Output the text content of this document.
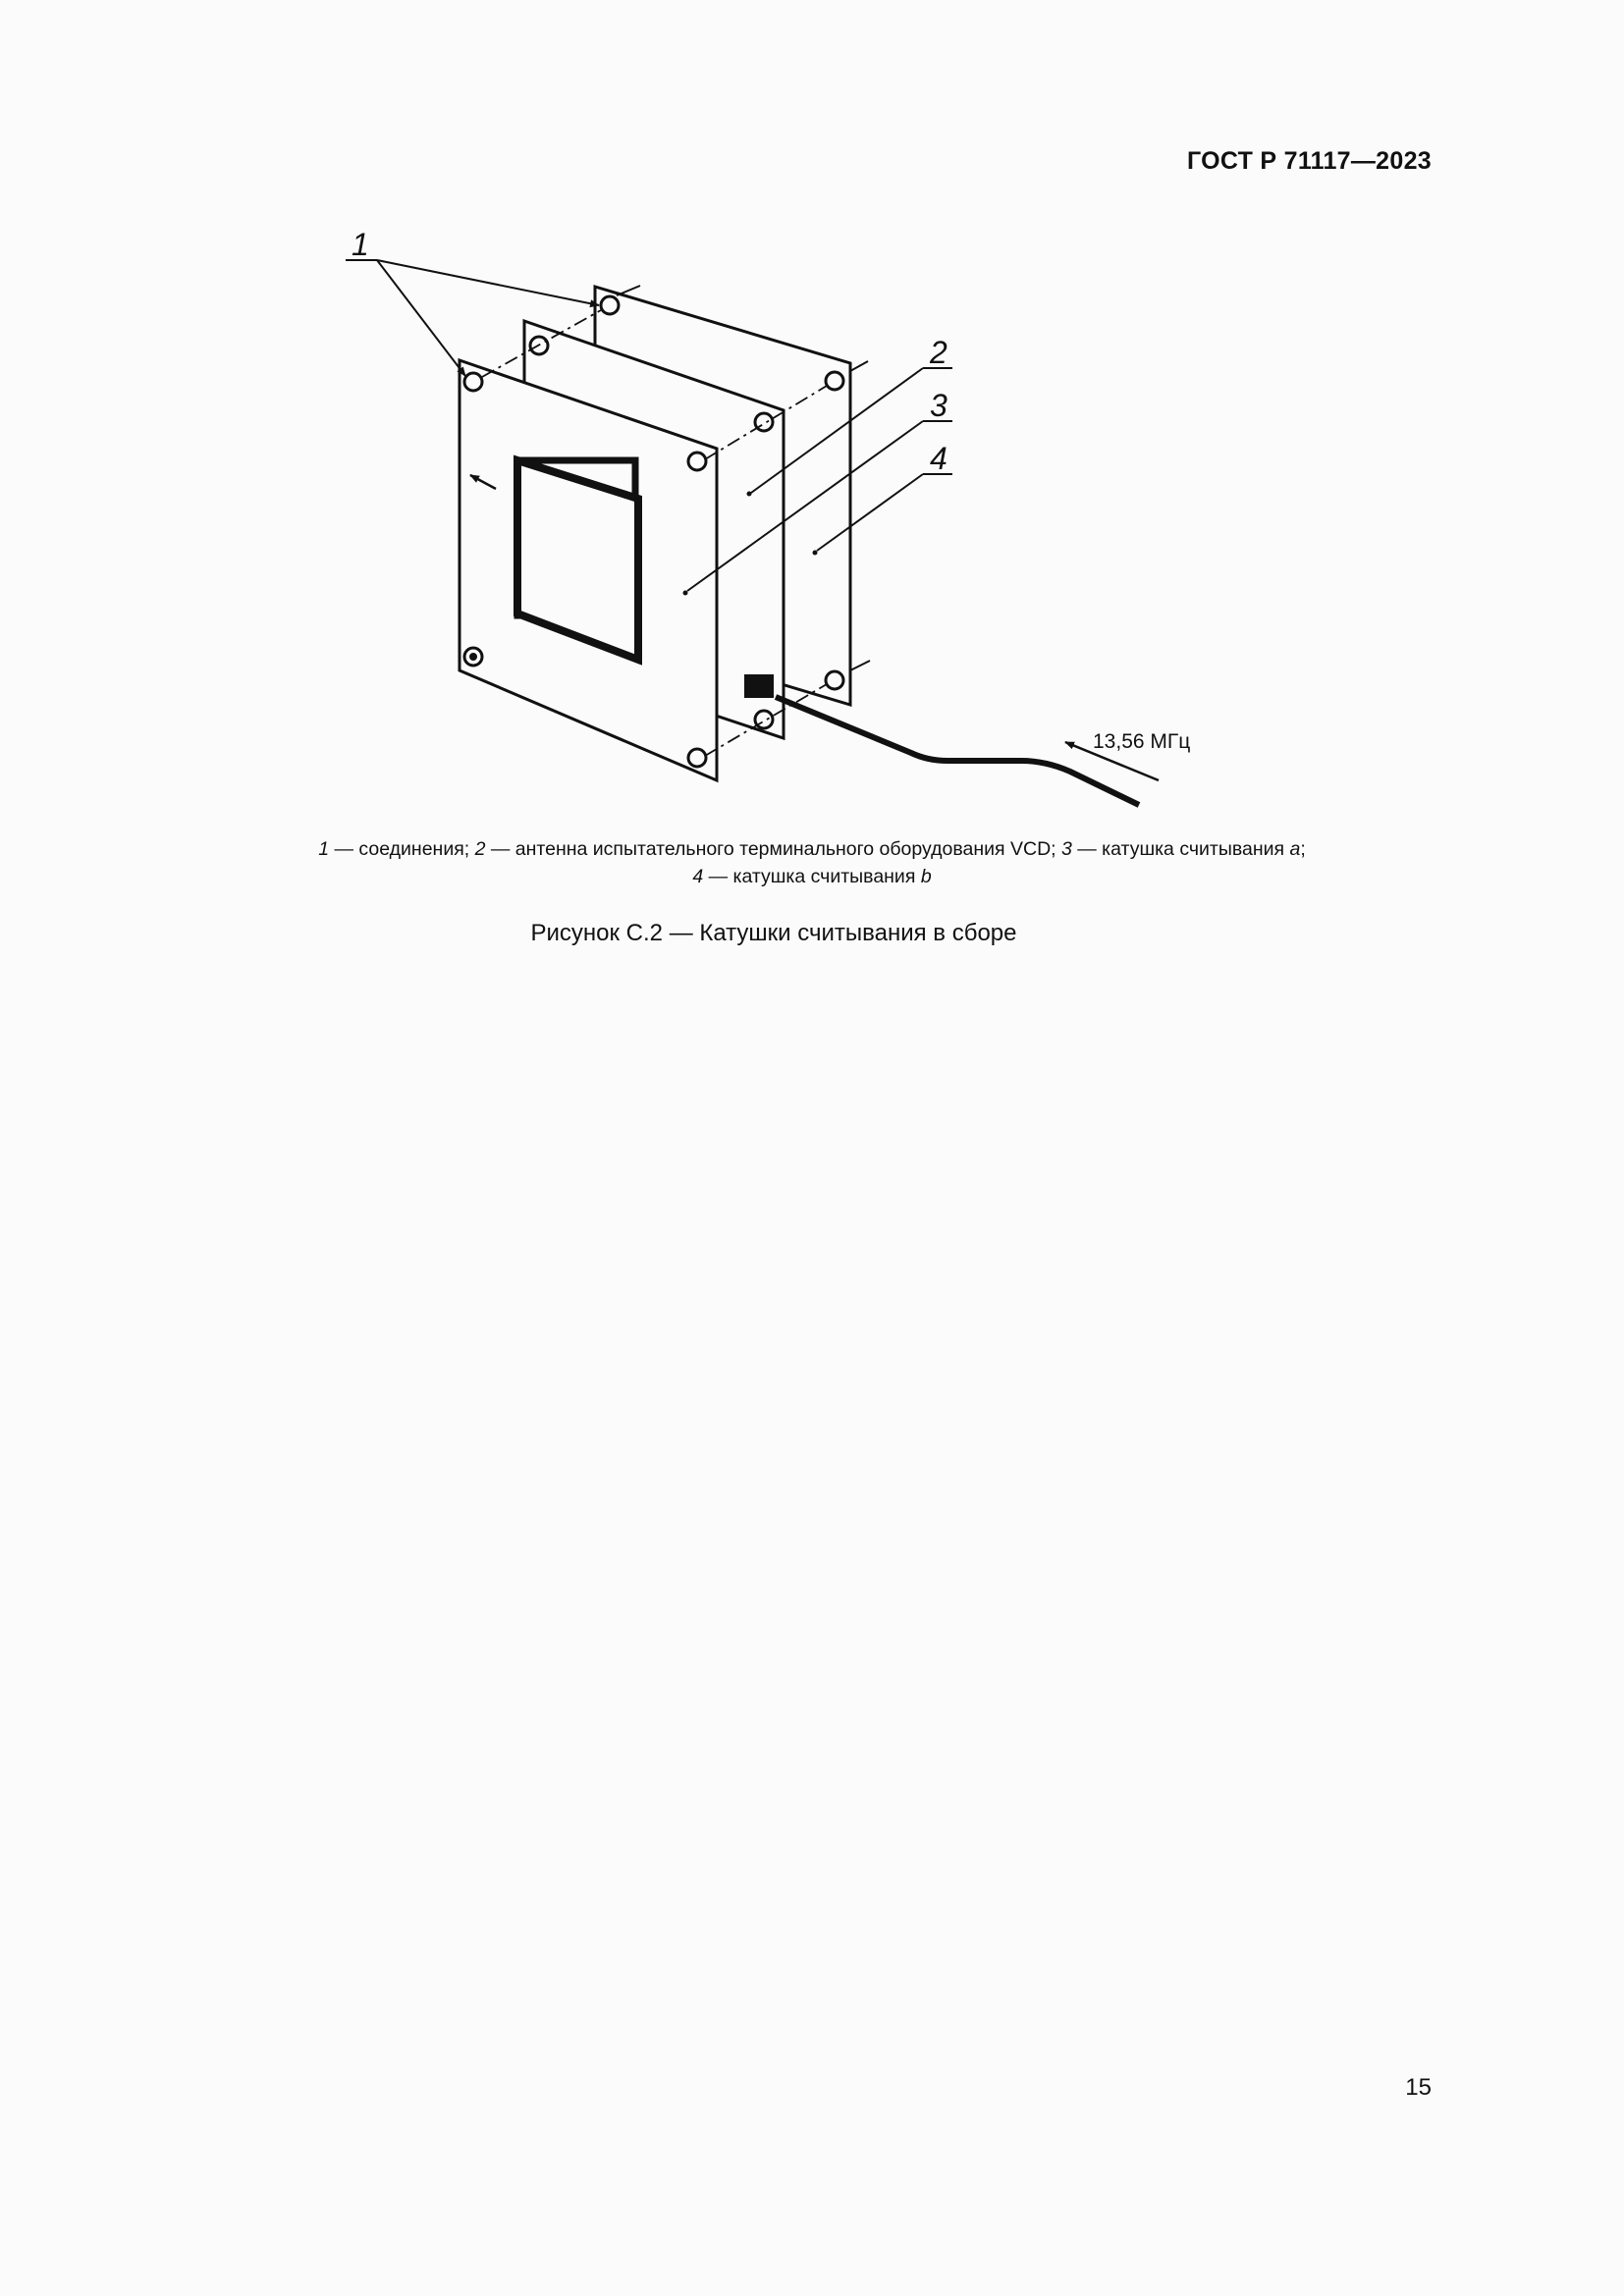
ГОСТ Р 71117—2023
13,56 МГц
1
2
3
4
1 — соединения; 2 — антенна испытательного терминального оборудования VCD; 3 — катушка считывания a;
4 — катушка считывания b
Рисунок С.2 — Катушки считывания в сборе
15
